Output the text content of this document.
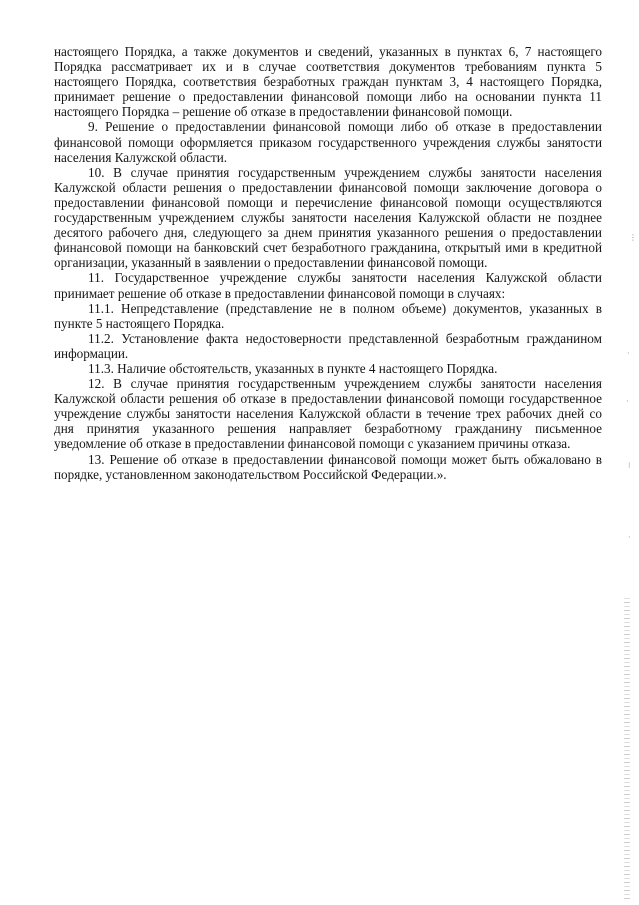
настоящего Порядка, а также документов и сведений, указанных в пунктах 6, 7 настоящего Порядка рассматривает их и в случае соответствия документов требованиям пункта 5 настоящего Порядка, соответствия безработных граждан пунктам 3, 4 настоящего Порядка, принимает решение о предоставлении финансовой помощи либо на основании пункта 11 настоящего Порядка – решение об отказе в предоставлении финансовой помощи.

9. Решение о предоставлении финансовой помощи либо об отказе в предоставлении финансовой помощи оформляется приказом государственного учреждения службы занятости населения Калужской области.

10. В случае принятия государственным учреждением службы занятости населения Калужской области решения о предоставлении финансовой помощи заключение договора о предоставлении финансовой помощи и перечисление финансовой помощи осуществляются государственным учреждением службы занятости населения Калужской области не позднее десятого рабочего дня, следующего за днем принятия указанного решения о предоставлении финансовой помощи на банковский счет безработного гражданина, открытый ими в кредитной организации, указанный в заявлении о предоставлении финансовой помощи.

11. Государственное учреждение службы занятости населения Калужской области принимает решение об отказе в предоставлении финансовой помощи в случаях:

11.1. Непредставление (представление не в полном объеме) документов, указанных в пункте 5 настоящего Порядка.

11.2. Установление факта недостоверности представленной безработным гражданином информации.

11.3. Наличие обстоятельств, указанных в пункте 4 настоящего Порядка.

12. В случае принятия государственным учреждением службы занятости населения Калужской области решения об отказе в предоставлении финансовой помощи государственное учреждение службы занятости населения Калужской области в течение трех рабочих дней со дня принятия указанного решения направляет безработному гражданину письменное уведомление об отказе в предоставлении финансовой помощи с указанием причины отказа.

13. Решение об отказе в предоставлении финансовой помощи может быть обжаловано в порядке, установленном законодательством Российской Федерации.».

⋮
·
·
⁝
·
